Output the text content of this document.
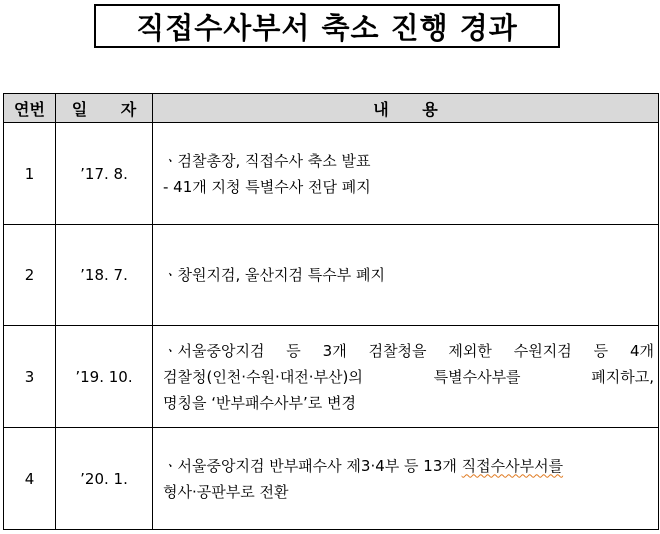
직접수사부서 축소 진행 경과
연번	일 자	내 용
1	’17. 8.	ㆍ검찰총장, 직접수사 축소 발표
- 41개 지청 특별수사 전담 폐지

2	’18. 7.	ㆍ창원지검, 울산지검 특수부 폐지

3	’19. 10.	ㆍ서울중앙지검 등 3개 검찰청을 제외한 수원지검 등 4개
검찰청(인천·수원·대전·부산)의 특별수사부를 폐지하고,
명칭을 ‘반부패수사부’로 변경

4	’20. 1.	ㆍ서울중앙지검 반부패수사 제3·4부 등 13개 직접수사부서를
형사·공판부로 전환
